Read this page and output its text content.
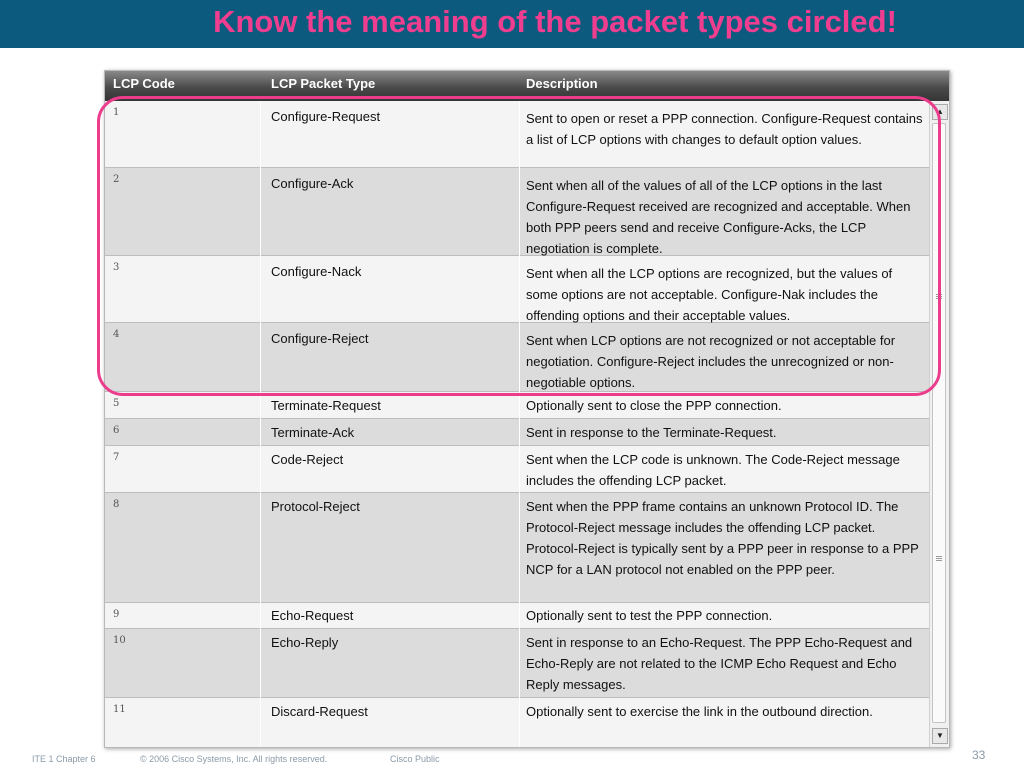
Know the meaning of the packet types circled!
LCP Code	LCP Packet Type	Description
1	Configure-Request	Sent to open or reset a PPP connection. Configure-Request contains a list of LCP options with changes to default option values.
2	Configure-Ack	Sent when all of the values of all of the LCP options in the last Configure-Request received are recognized and acceptable. When both PPP peers send and receive Configure-Acks, the LCP negotiation is complete.
3	Configure-Nack	Sent when all the LCP options are recognized, but the values of some options are not acceptable. Configure-Nak includes the offending options and their acceptable values.
4	Configure-Reject	Sent when LCP options are not recognized or not acceptable for negotiation. Configure-Reject includes the unrecognized or non-negotiable options.
5	Terminate-Request	Optionally sent to close the PPP connection.
6	Terminate-Ack	Sent in response to the Terminate-Request.
7	Code-Reject	Sent when the LCP code is unknown. The Code-Reject message includes the offending LCP packet.
8	Protocol-Reject	Sent when the PPP frame contains an unknown Protocol ID. The Protocol-Reject message includes the offending LCP packet. Protocol-Reject is typically sent by a PPP peer in response to a PPP NCP for a LAN protocol not enabled on the PPP peer.
9	Echo-Request	Optionally sent to test the PPP connection.
10	Echo-Reply	Sent in response to an Echo-Request. The PPP Echo-Request and Echo-Reply are not related to the ICMP Echo Request and Echo Reply messages.
11	Discard-Request	Optionally sent to exercise the link in the outbound direction.
▲
▼
ITE 1 Chapter 6	© 2006 Cisco Systems, Inc. All rights reserved.	Cisco Public	33
